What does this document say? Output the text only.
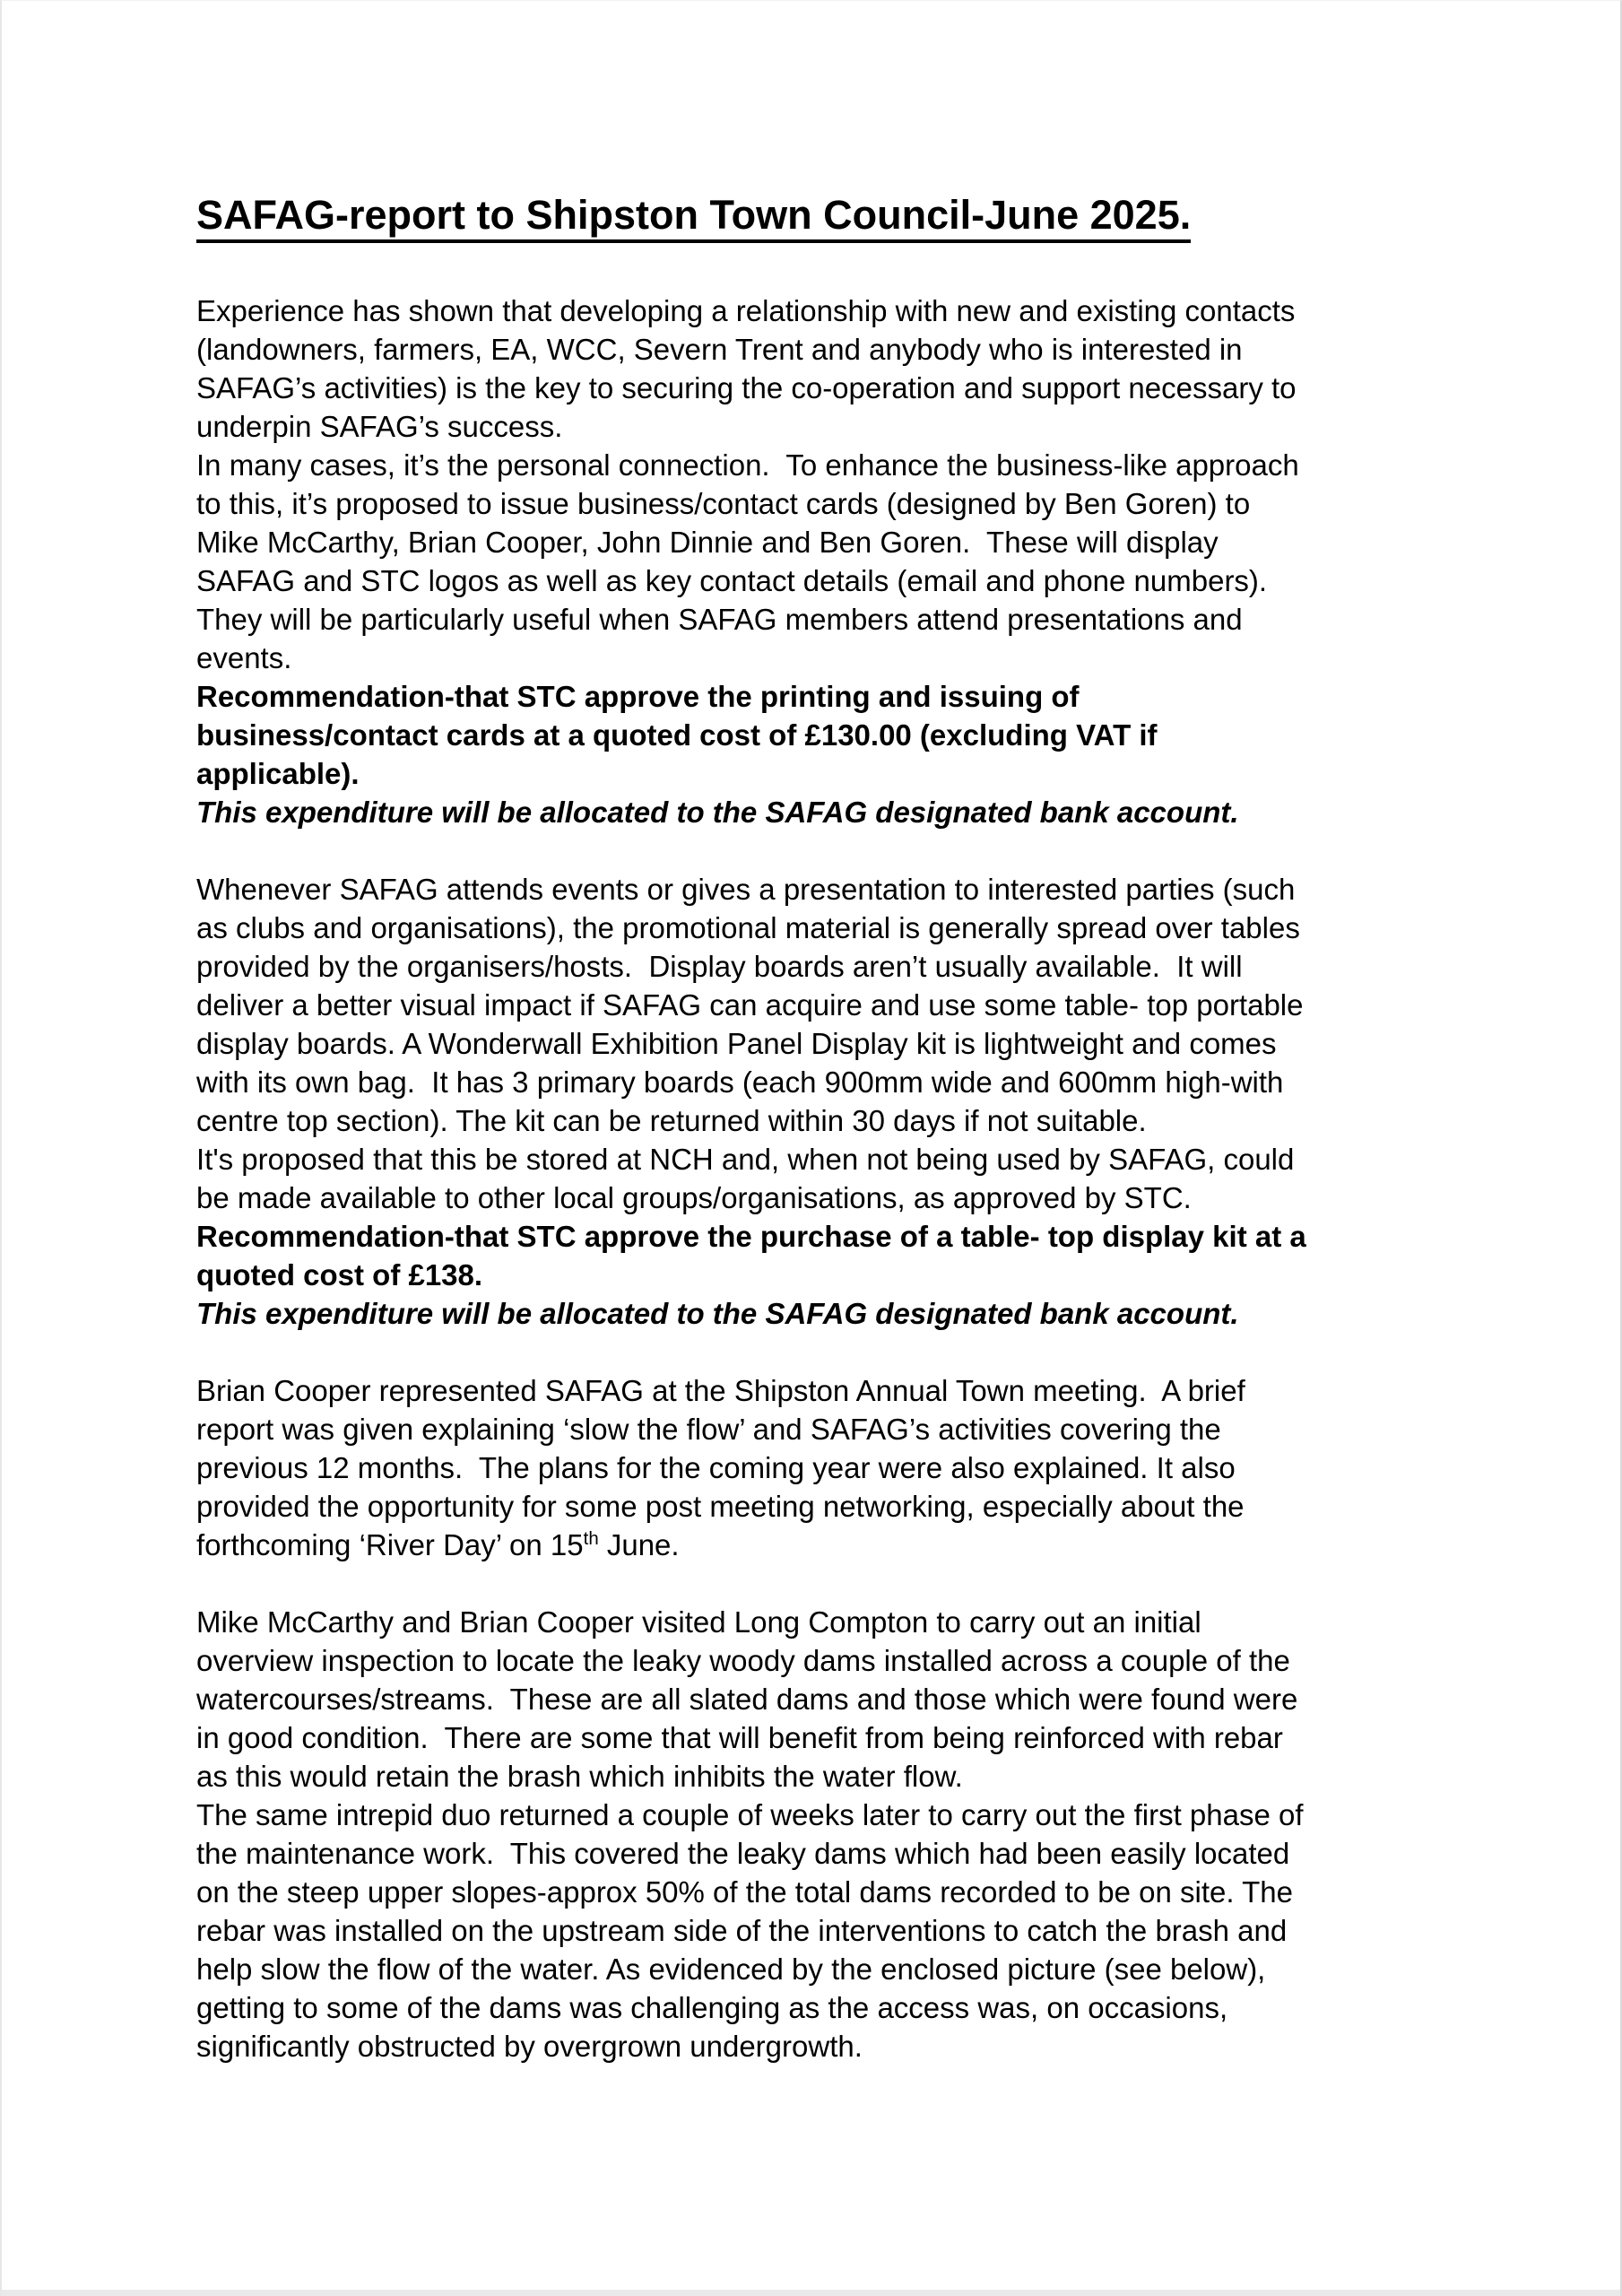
SAFAG-report to Shipston Town Council-June 2025.
Experience has shown that developing a relationship with new and existing contacts
(landowners, farmers, EA, WCC, Severn Trent and anybody who is interested in
SAFAG’s activities) is the key to securing the co-operation and support necessary to
underpin SAFAG’s success.
In many cases, it’s the personal connection.  To enhance the business-like approach
to this, it’s proposed to issue business/contact cards (designed by Ben Goren) to
Mike McCarthy, Brian Cooper, John Dinnie and Ben Goren.  These will display
SAFAG and STC logos as well as key contact details (email and phone numbers).
They will be particularly useful when SAFAG members attend presentations and
events.
Recommendation-that STC approve the printing and issuing of
business/contact cards at a quoted cost of £130.00 (excluding VAT if
applicable).
This expenditure will be allocated to the SAFAG designated bank account.
Whenever SAFAG attends events or gives a presentation to interested parties (such
as clubs and organisations), the promotional material is generally spread over tables
provided by the organisers/hosts.  Display boards aren’t usually available.  It will
deliver a better visual impact if SAFAG can acquire and use some table- top portable
display boards. A Wonderwall Exhibition Panel Display kit is lightweight and comes
with its own bag.  It has 3 primary boards (each 900mm wide and 600mm high-with
centre top section). The kit can be returned within 30 days if not suitable.
It's proposed that this be stored at NCH and, when not being used by SAFAG, could
be made available to other local groups/organisations, as approved by STC.
Recommendation-that STC approve the purchase of a table- top display kit at a
quoted cost of £138.
This expenditure will be allocated to the SAFAG designated bank account.
Brian Cooper represented SAFAG at the Shipston Annual Town meeting.  A brief
report was given explaining ‘slow the flow’ and SAFAG’s activities covering the
previous 12 months.  The plans for the coming year were also explained. It also
provided the opportunity for some post meeting networking, especially about the
forthcoming ‘River Day’ on 15th June.
Mike McCarthy and Brian Cooper visited Long Compton to carry out an initial
overview inspection to locate the leaky woody dams installed across a couple of the
watercourses/streams.  These are all slated dams and those which were found were
in good condition.  There are some that will benefit from being reinforced with rebar
as this would retain the brash which inhibits the water flow.
The same intrepid duo returned a couple of weeks later to carry out the first phase of
the maintenance work.  This covered the leaky dams which had been easily located
on the steep upper slopes-approx 50% of the total dams recorded to be on site. The
rebar was installed on the upstream side of the interventions to catch the brash and
help slow the flow of the water. As evidenced by the enclosed picture (see below),
getting to some of the dams was challenging as the access was, on occasions,
significantly obstructed by overgrown undergrowth.
